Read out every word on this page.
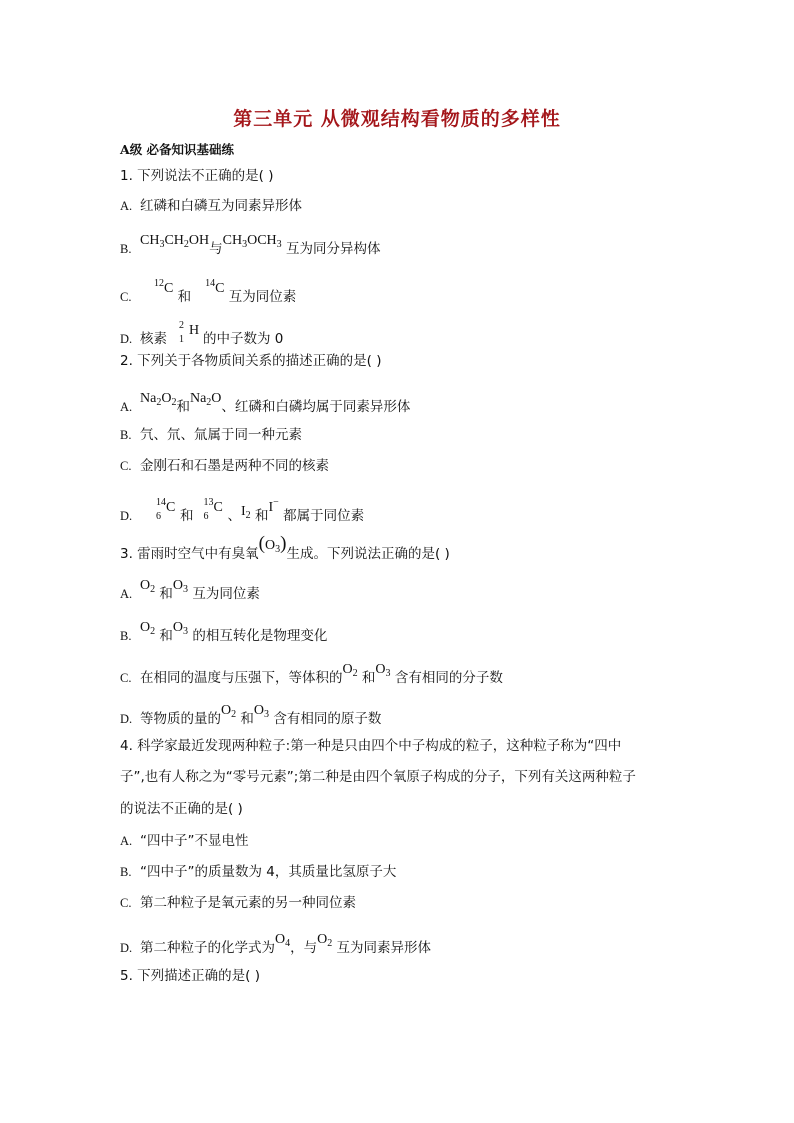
第三单元 从微观结构看物质的多样性
A级 必备知识基础练
1. 下列说法不正确的是( )
A. 红磷和白磷互为同素异形体
$B.CH_3CH_2OH$与$CH_3OCH_3$ 互为同分异构体
C.$^{12}$C 和$^{14}$C 互为同位素
D. 核素
2
1
H
的中子数为 0
2. 下列关于各物质间关系的描述正确的是( )
$A.Na_2O_2$和$Na_2O$、红磷和白磷均属于同素异形体
B. 氕、氘、氚属于同一种元素
C. 金刚石和石墨是两种不同的核素
D.
14
6
C
和
13
6
C
、$I_2$ 和I− 都属于同位素
3. 雷雨时空气中有臭氧$(O_3)$生成。下列说法正确的是( )
$A.O_2$ 和$O_3$ 互为同位素
$B.O_2$ 和$O_3$ 的相互转化是物理变化
C. 在相同的温度与压强下，等体积的$O_2$ 和$O_3$ 含有相同的分子数
D. 等物质的量的$O_2$ 和$O_3$ 含有相同的原子数
4. 科学家最近发现两种粒子:第一种是只由四个中子构成的粒子，这种粒子称为“四中
子”,也有人称之为“零号元素”;第二种是由四个氧原子构成的分子，下列有关这两种粒子
的说法不正确的是( )
A. “四中子”不显电性
B. “四中子”的质量数为 4，其质量比氢原子大
C. 第二种粒子是氧元素的另一种同位素
D. 第二种粒子的化学式为$O_4$，与$O_2$ 互为同素异形体
5. 下列描述正确的是( )
